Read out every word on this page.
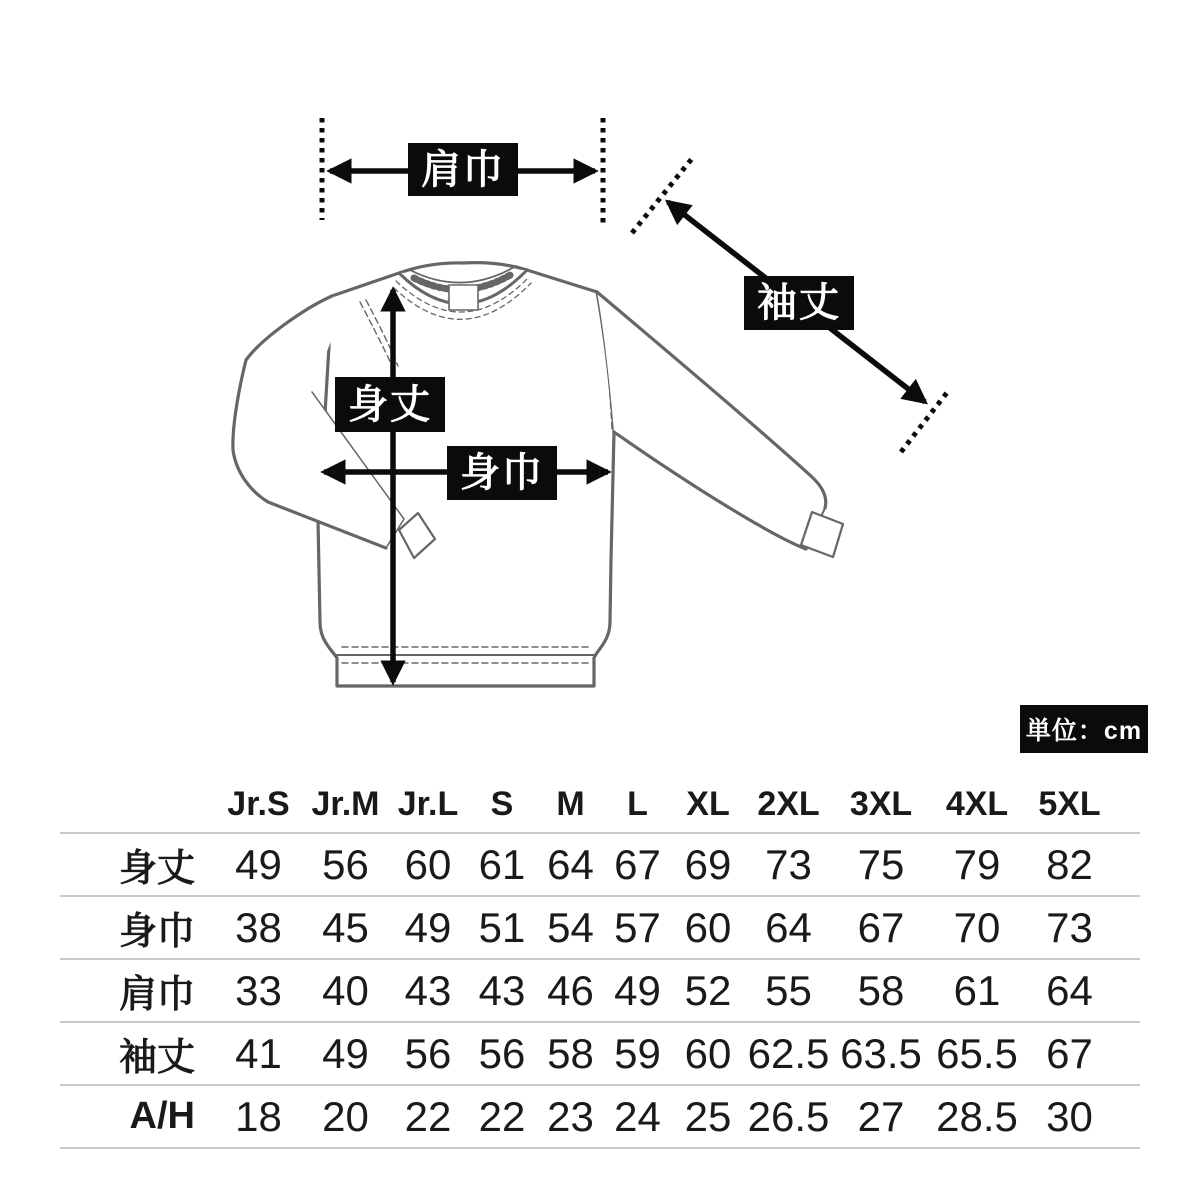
肩巾
袖丈
身丈
身巾
単位：cm
	Jr.S	Jr.M	Jr.L	S	M	L	XL	2XL	3XL	4XL	5XL
身丈	49	56	60	61	64	67	69	73	75	79	82
身巾	38	45	49	51	54	57	60	64	67	70	73
肩巾	33	40	43	43	46	49	52	55	58	61	64
袖丈	41	49	56	56	58	59	60	62.5	63.5	65.5	67
A/H	18	20	22	22	23	24	25	26.5	27	28.5	30
